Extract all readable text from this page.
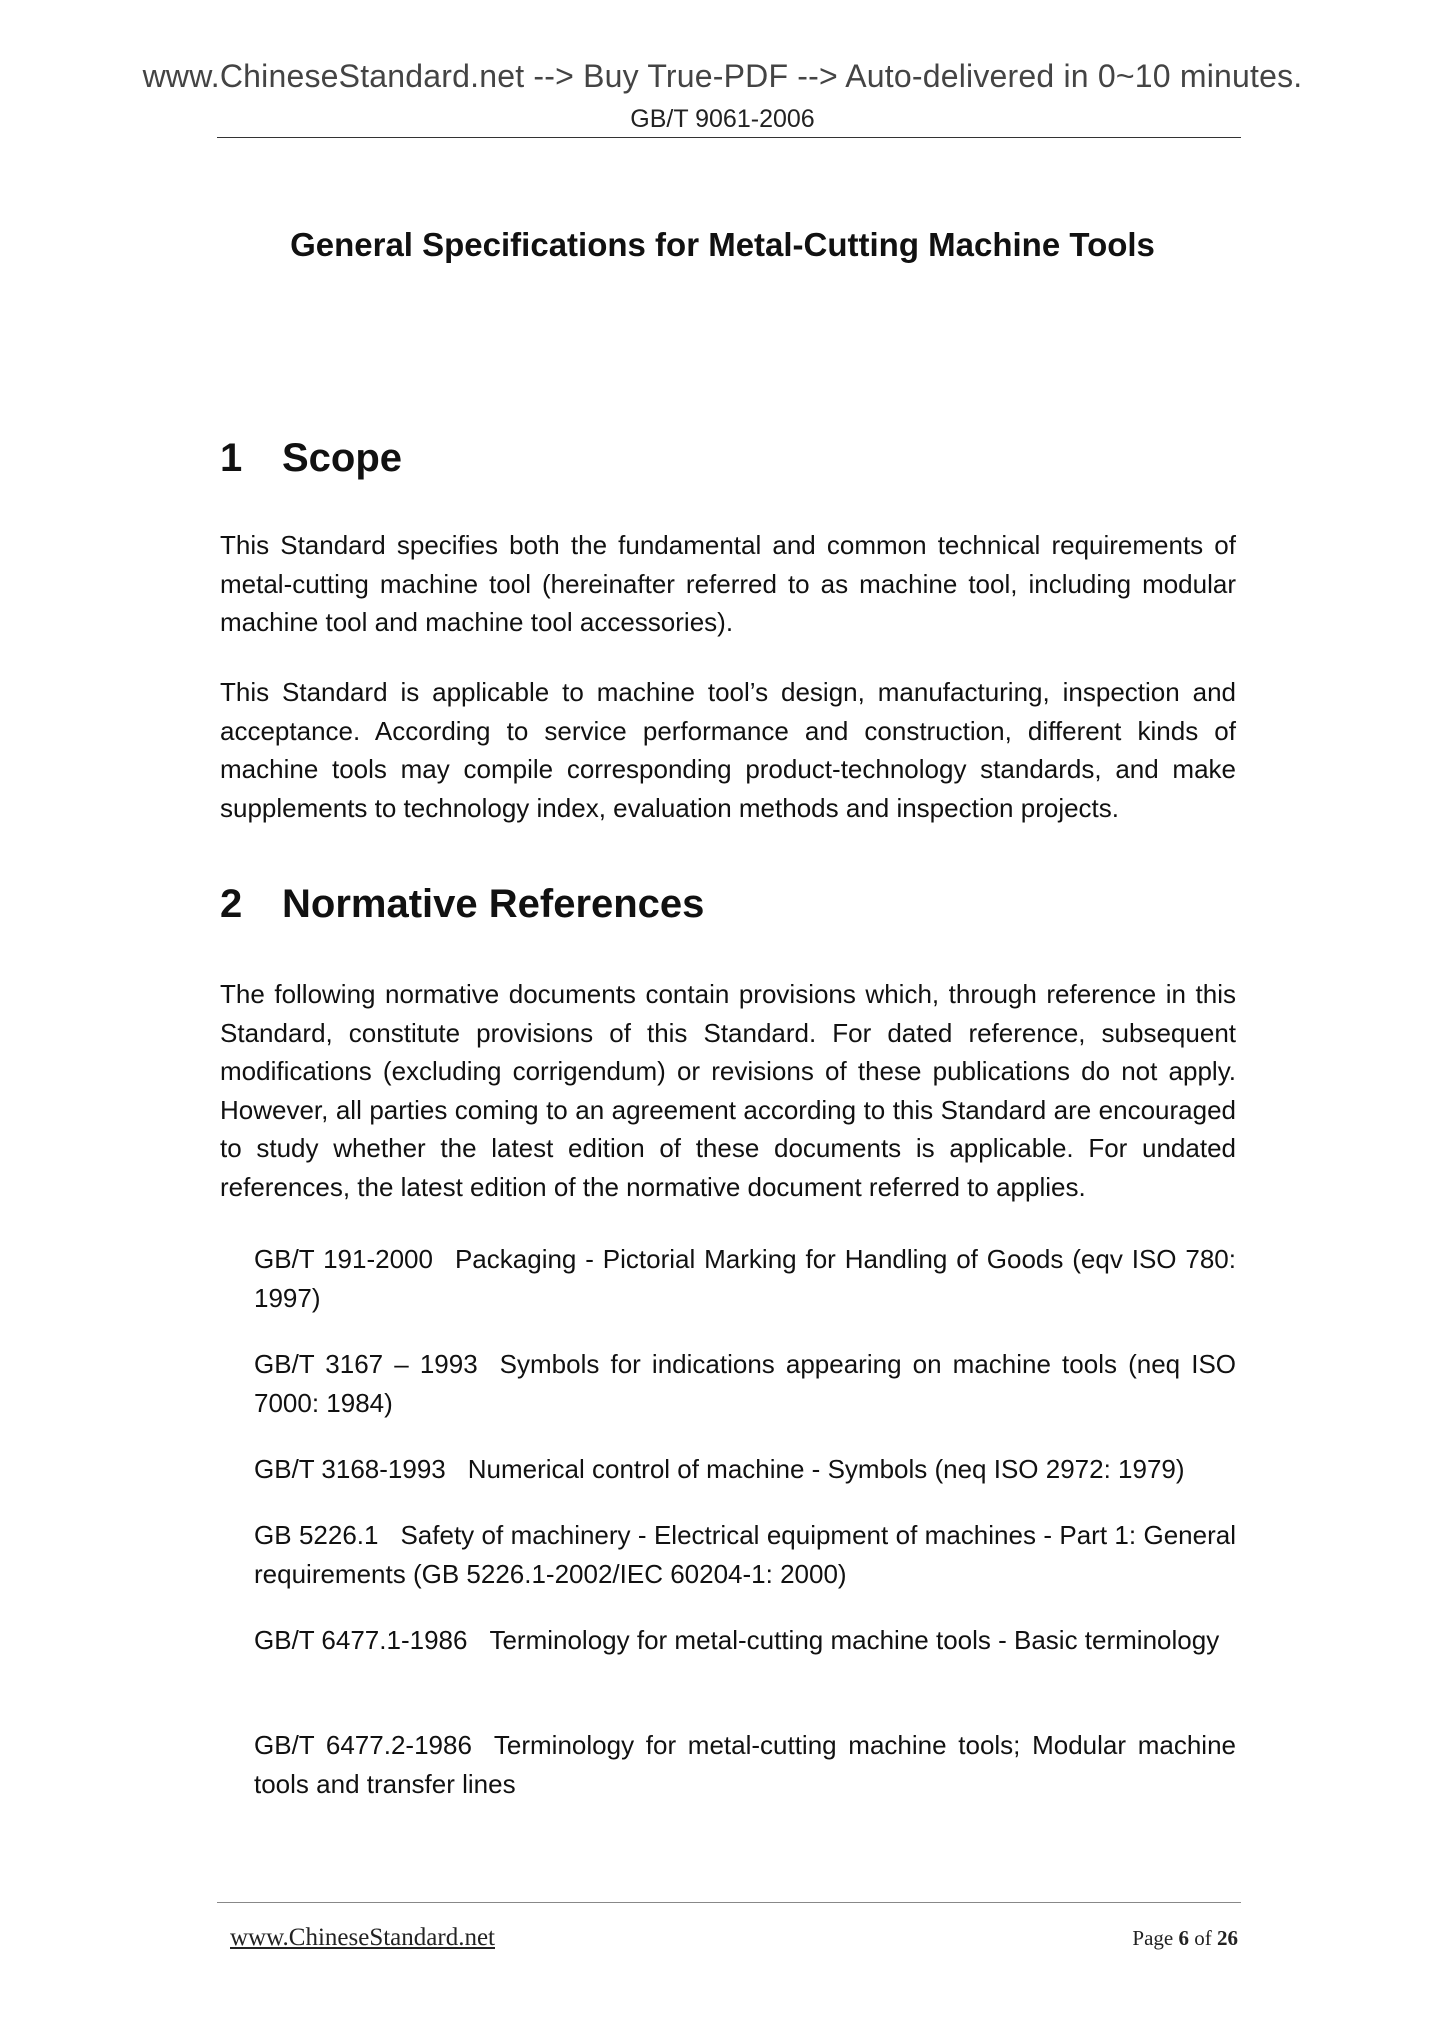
www.ChineseStandard.net --> Buy True-PDF --> Auto-delivered in 0~10 minutes.
GB/T 9061-2006
General Specifications for Metal-Cutting Machine Tools
1 Scope

This Standard specifies both the fundamental and common technical requirements of metal-cutting machine tool (hereinafter referred to as machine tool, including modular machine tool and machine tool accessories).

This Standard is applicable to machine tool’s design, manufacturing, inspection and acceptance. According to service performance and construction, different kinds of machine tools may compile corresponding product-technology standards, and make supplements to technology index, evaluation methods and inspection projects.

2 Normative References

The following normative documents contain provisions which, through reference in this Standard, constitute provisions of this Standard. For dated reference, subsequent modifications (excluding corrigendum) or revisions of these publications do not apply. However, all parties coming to an agreement according to this Standard are encouraged to study whether the latest edition of these documents is applicable. For undated references, the latest edition of the normative document referred to applies.

GB/T 191-2000 Packaging - Pictorial Marking for Handling of Goods (eqv ISO 780: 1997)

GB/T 3167 – 1993 Symbols for indications appearing on machine tools (neq ISO 7000: 1984)

GB/T 3168-1993 Numerical control of machine - Symbols (neq ISO 2972: 1979)

GB 5226.1 Safety of machinery - Electrical equipment of machines - Part 1: General requirements (GB 5226.1-2002/IEC 60204-1: 2000)

GB/T 6477.1-1986 Terminology for metal-cutting machine tools - Basic terminology

GB/T 6477.2-1986 Terminology for metal-cutting machine tools; Modular machine tools and transfer lines

www.ChineseStandard.net	Page 6 of 26
